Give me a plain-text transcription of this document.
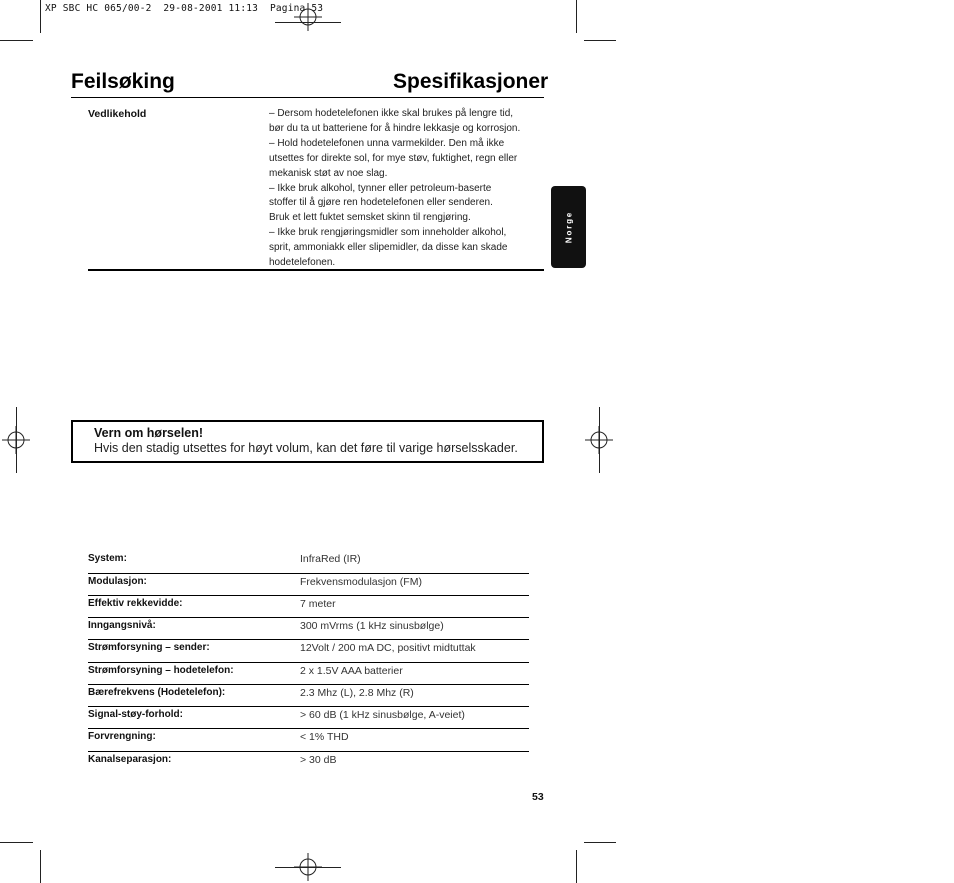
XP SBC HC 065/00-2  29-08-2001 11:13  Pagina 53
Feilsøking	Spesifikasjoner
Norge
Vedlikehold	– Dersom hodetelefonen ikke skal brukes på lengre tid,
bør du ta ut batteriene for å hindre lekkasje og korrosjon.
– Hold hodetelefonen unna varmekilder. Den må ikke
utsettes for direkte sol, for mye støv, fuktighet, regn eller
mekanisk støt av noe slag.
– Ikke bruk alkohol, tynner eller petroleum-baserte
stoffer til å gjøre ren hodetelefonen eller senderen.
Bruk et lett fuktet semsket skinn til rengjøring.
– Ikke bruk rengjøringsmidler som inneholder alkohol,
sprit, ammoniakk eller slipemidler, da disse kan skade
hodetelefonen.
Vern om hørselen!
Hvis den stadig utsettes for høyt volum, kan det føre til varige hørselsskader.
System:	InfraRed (IR)
Modulasjon:	Frekvensmodulasjon (FM)
Effektiv rekkevidde:	7 meter
Inngangsnivå:	300 mVrms (1 kHz sinusbølge)
Strømforsyning – sender:	12Volt / 200 mA DC, positivt midtuttak
Strømforsyning – hodetelefon:	2 x 1.5V AAA batterier
Bærefrekvens (Hodetelefon):	2.3 Mhz (L), 2.8 Mhz (R)
Signal-støy-forhold:	> 60 dB (1 kHz sinusbølge, A-veiet)
Forvrengning:	< 1% THD
Kanalseparasjon:	> 30 dB
53
